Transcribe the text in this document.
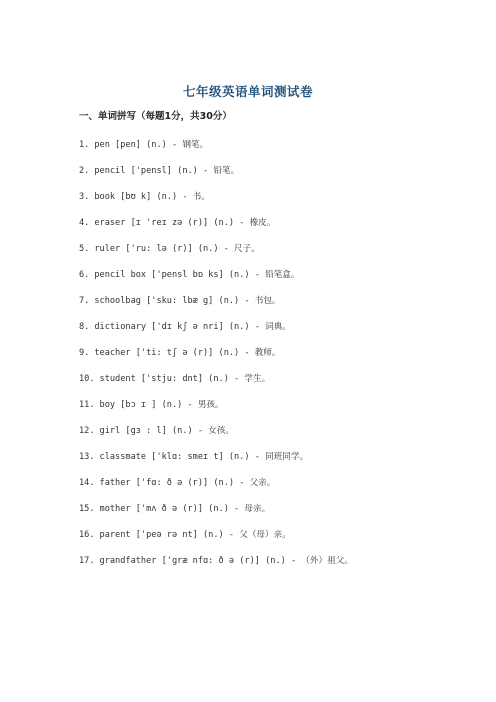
七年级英语单词测试卷
一、单词拼写（每题1分，共30分）
1. pen [pen] (n.) - 钢笔。
2. pencil ['pensl] (n.) - 铅笔。
3. book [bʊ k] (n.) - 书。
4. eraser [ɪ 'reɪ zə (r)] (n.) - 橡皮。
5. ruler ['ru: lə (r)] (n.) - 尺子。
6. pencil box ['pensl bɒ ks] (n.) - 铅笔盒。
7. schoolbag ['sku: lbæ g] (n.) - 书包。
8. dictionary ['dɪ kʃ ə nri] (n.) - 词典。
9. teacher ['ti: tʃ ə (r)] (n.) - 教师。
10. student ['stju: dnt] (n.) - 学生。
11. boy [bɔ ɪ ] (n.) - 男孩。
12. girl [gɜ : l] (n.) - 女孩。
13. classmate ['klɑ: smeɪ t] (n.) - 同班同学。
14. father ['fɑ: ð ə (r)] (n.) - 父亲。
15. mother ['mʌ ð ə (r)] (n.) - 母亲。
16. parent ['peə rə nt] (n.) - 父（母）亲。
17. grandfather ['græ nfɑ: ð ə (r)] (n.) - （外）祖父。
